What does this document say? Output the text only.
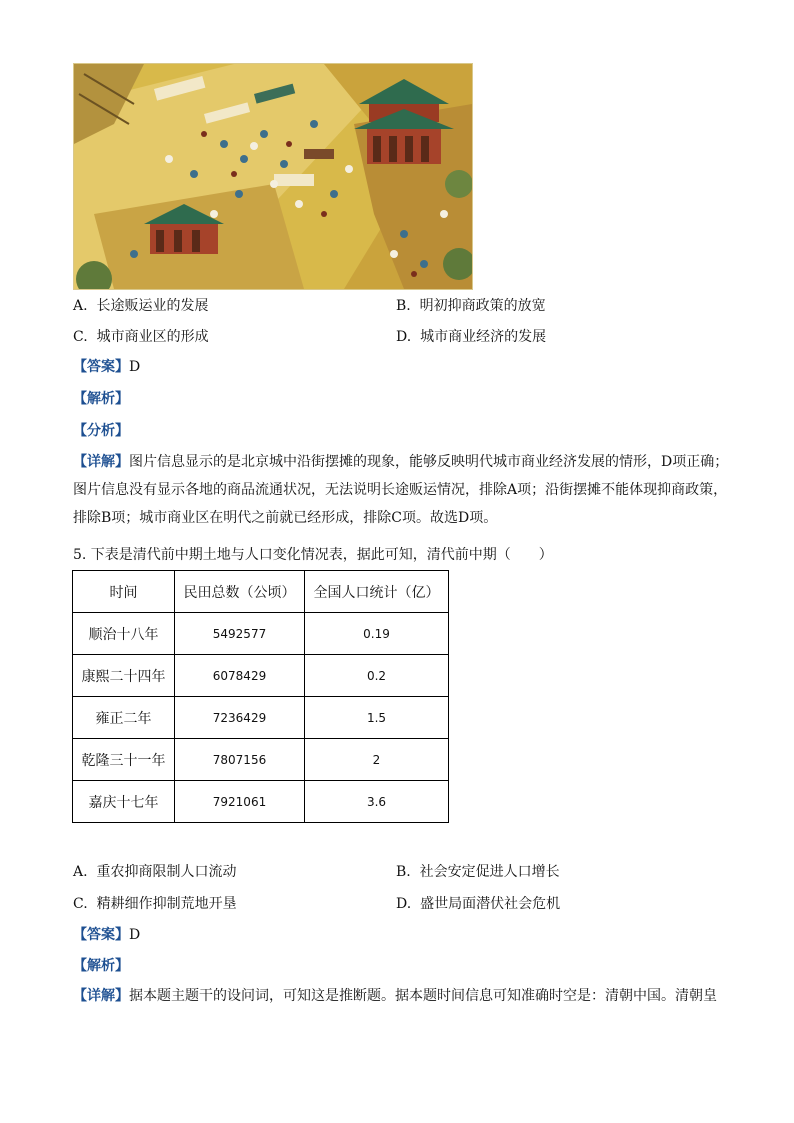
A. 长途贩运业的发展	B. 明初抑商政策的放宽
C. 城市商业区的形成	D. 城市商业经济的发展
【答案】D
【解析】
【分析】
【详解】图片信息显示的是北京城中沿街摆摊的现象，能够反映明代城市商业经济发展的情形，D项正确；
图片信息没有显示各地的商品流通状况，无法说明长途贩运情况，排除A项；沿街摆摊不能体现抑商政策，
排除B项；城市商业区在明代之前就已经形成，排除C项。故选D项。
5. 下表是清代前中期土地与人口变化情况表，据此可知，清代前中期（　　）
时间	民田总数（公顷）	全国人口统计（亿）
顺治十八年	5492577	0.19
康熙二十四年	6078429	0.2
雍正二年	7236429	1.5
乾隆三十一年	7807156	2
嘉庆十七年	7921061	3.6
A. 重农抑商限制人口流动	B. 社会安定促进人口增长
C. 精耕细作抑制荒地开垦	D. 盛世局面潜伏社会危机
【答案】D
【解析】
【详解】据本题主题干的设问词，可知这是推断题。据本题时间信息可知准确时空是：清朝中国。清朝皇
